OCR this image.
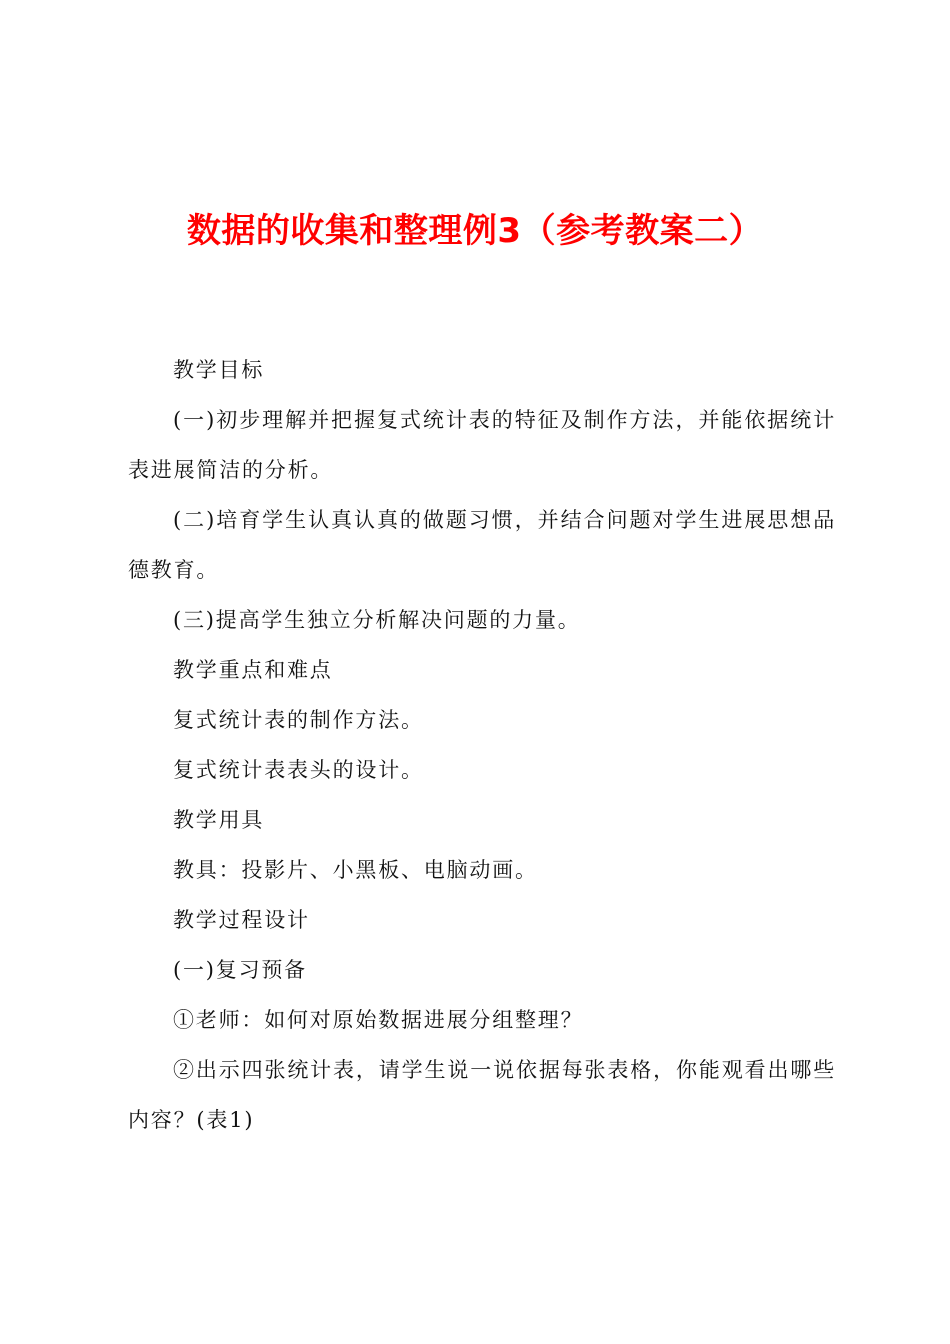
数据的收集和整理例3（参考教案二）

教学目标

(一)初步理解并把握复式统计表的特征及制作方法，并能依据统计表进展简洁的分析。

(二)培育学生认真认真的做题习惯，并结合问题对学生进展思想品德教育。

(三)提高学生独立分析解决问题的力量。

教学重点和难点

复式统计表的制作方法。

复式统计表表头的设计。

教学用具

教具：投影片、小黑板、电脑动画。

教学过程设计

(一)复习预备

①老师：如何对原始数据进展分组整理？

②出示四张统计表，请学生说一说依据每张表格，你能观看出哪些内容？(表1)
